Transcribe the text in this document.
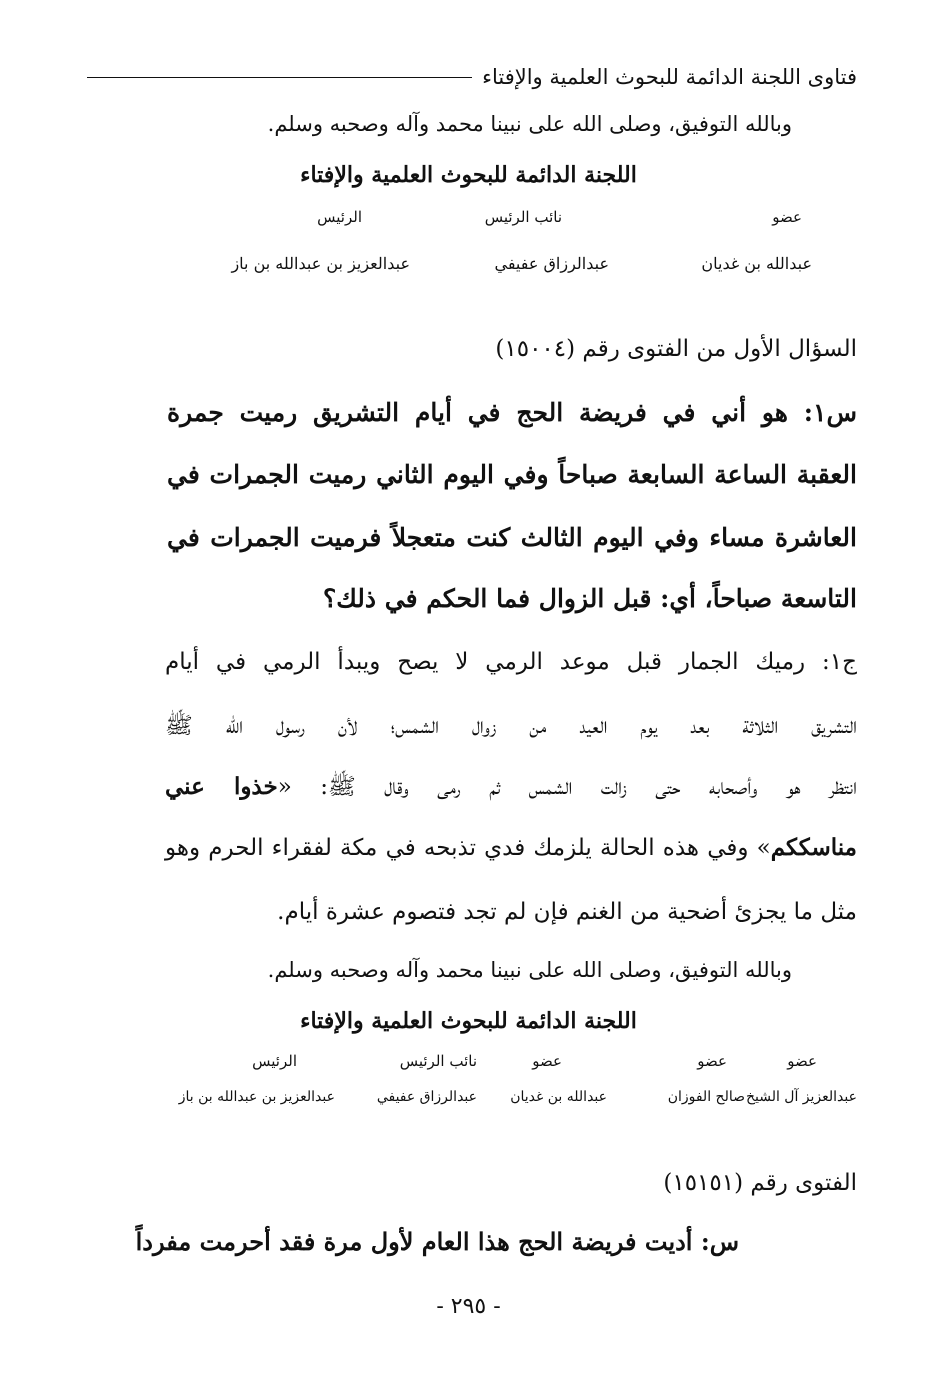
فتاوى اللجنة الدائمة للبحوث العلمية والإفتاء
وبالله التوفيق، وصلى الله على نبينا محمد وآله وصحبه وسلم.
اللجنة الدائمة للبحوث العلمية والإفتاء
عضو
نائب الرئيس
الرئيس
عبدالله بن غديان
عبدالرزاق عفيفي
عبدالعزيز بن عبدالله بن باز
السؤال الأول من الفتوى رقم (١٥٠٠٤)
س١: هو أني في فريضة الحج في أيام التشريق رميت جمرة
العقبة الساعة السابعة صباحاً وفي اليوم الثاني رميت الجمرات في
العاشرة مساء وفي اليوم الثالث كنت متعجلاً فرميت الجمرات في
التاسعة صباحاً، أي: قبل الزوال فما الحكم في ذلك؟
ج١: رميك الجمار قبل موعد الرمي لا يصح ويبدأ الرمي في أيام
التشريق الثلاثة بعد يوم العيد من زوال الشمس؛ لأن رسول الله ﷺ
انتظر هو وأصحابه حتى زالت الشمس ثم رمى وقال ﷺ: «خذوا عني
مناسككم» وفي هذه الحالة يلزمك فدي تذبحه في مكة لفقراء الحرم وهو
مثل ما يجزئ أضحية من الغنم فإن لم تجد فتصوم عشرة أيام.
وبالله التوفيق، وصلى الله على نبينا محمد وآله وصحبه وسلم.
اللجنة الدائمة للبحوث العلمية والإفتاء
عضو
عضو
عضو
نائب الرئيس
الرئيس
عبدالعزيز آل الشيخ
صالح الفوزان
عبدالله بن غديان
عبدالرزاق عفيفي
عبدالعزيز بن عبدالله بن باز
الفتوى رقم (١٥١٥١)
س: أديت فريضة الحج هذا العام لأول مرة فقد أحرمت مفرداً
- ٢٩٥ -
